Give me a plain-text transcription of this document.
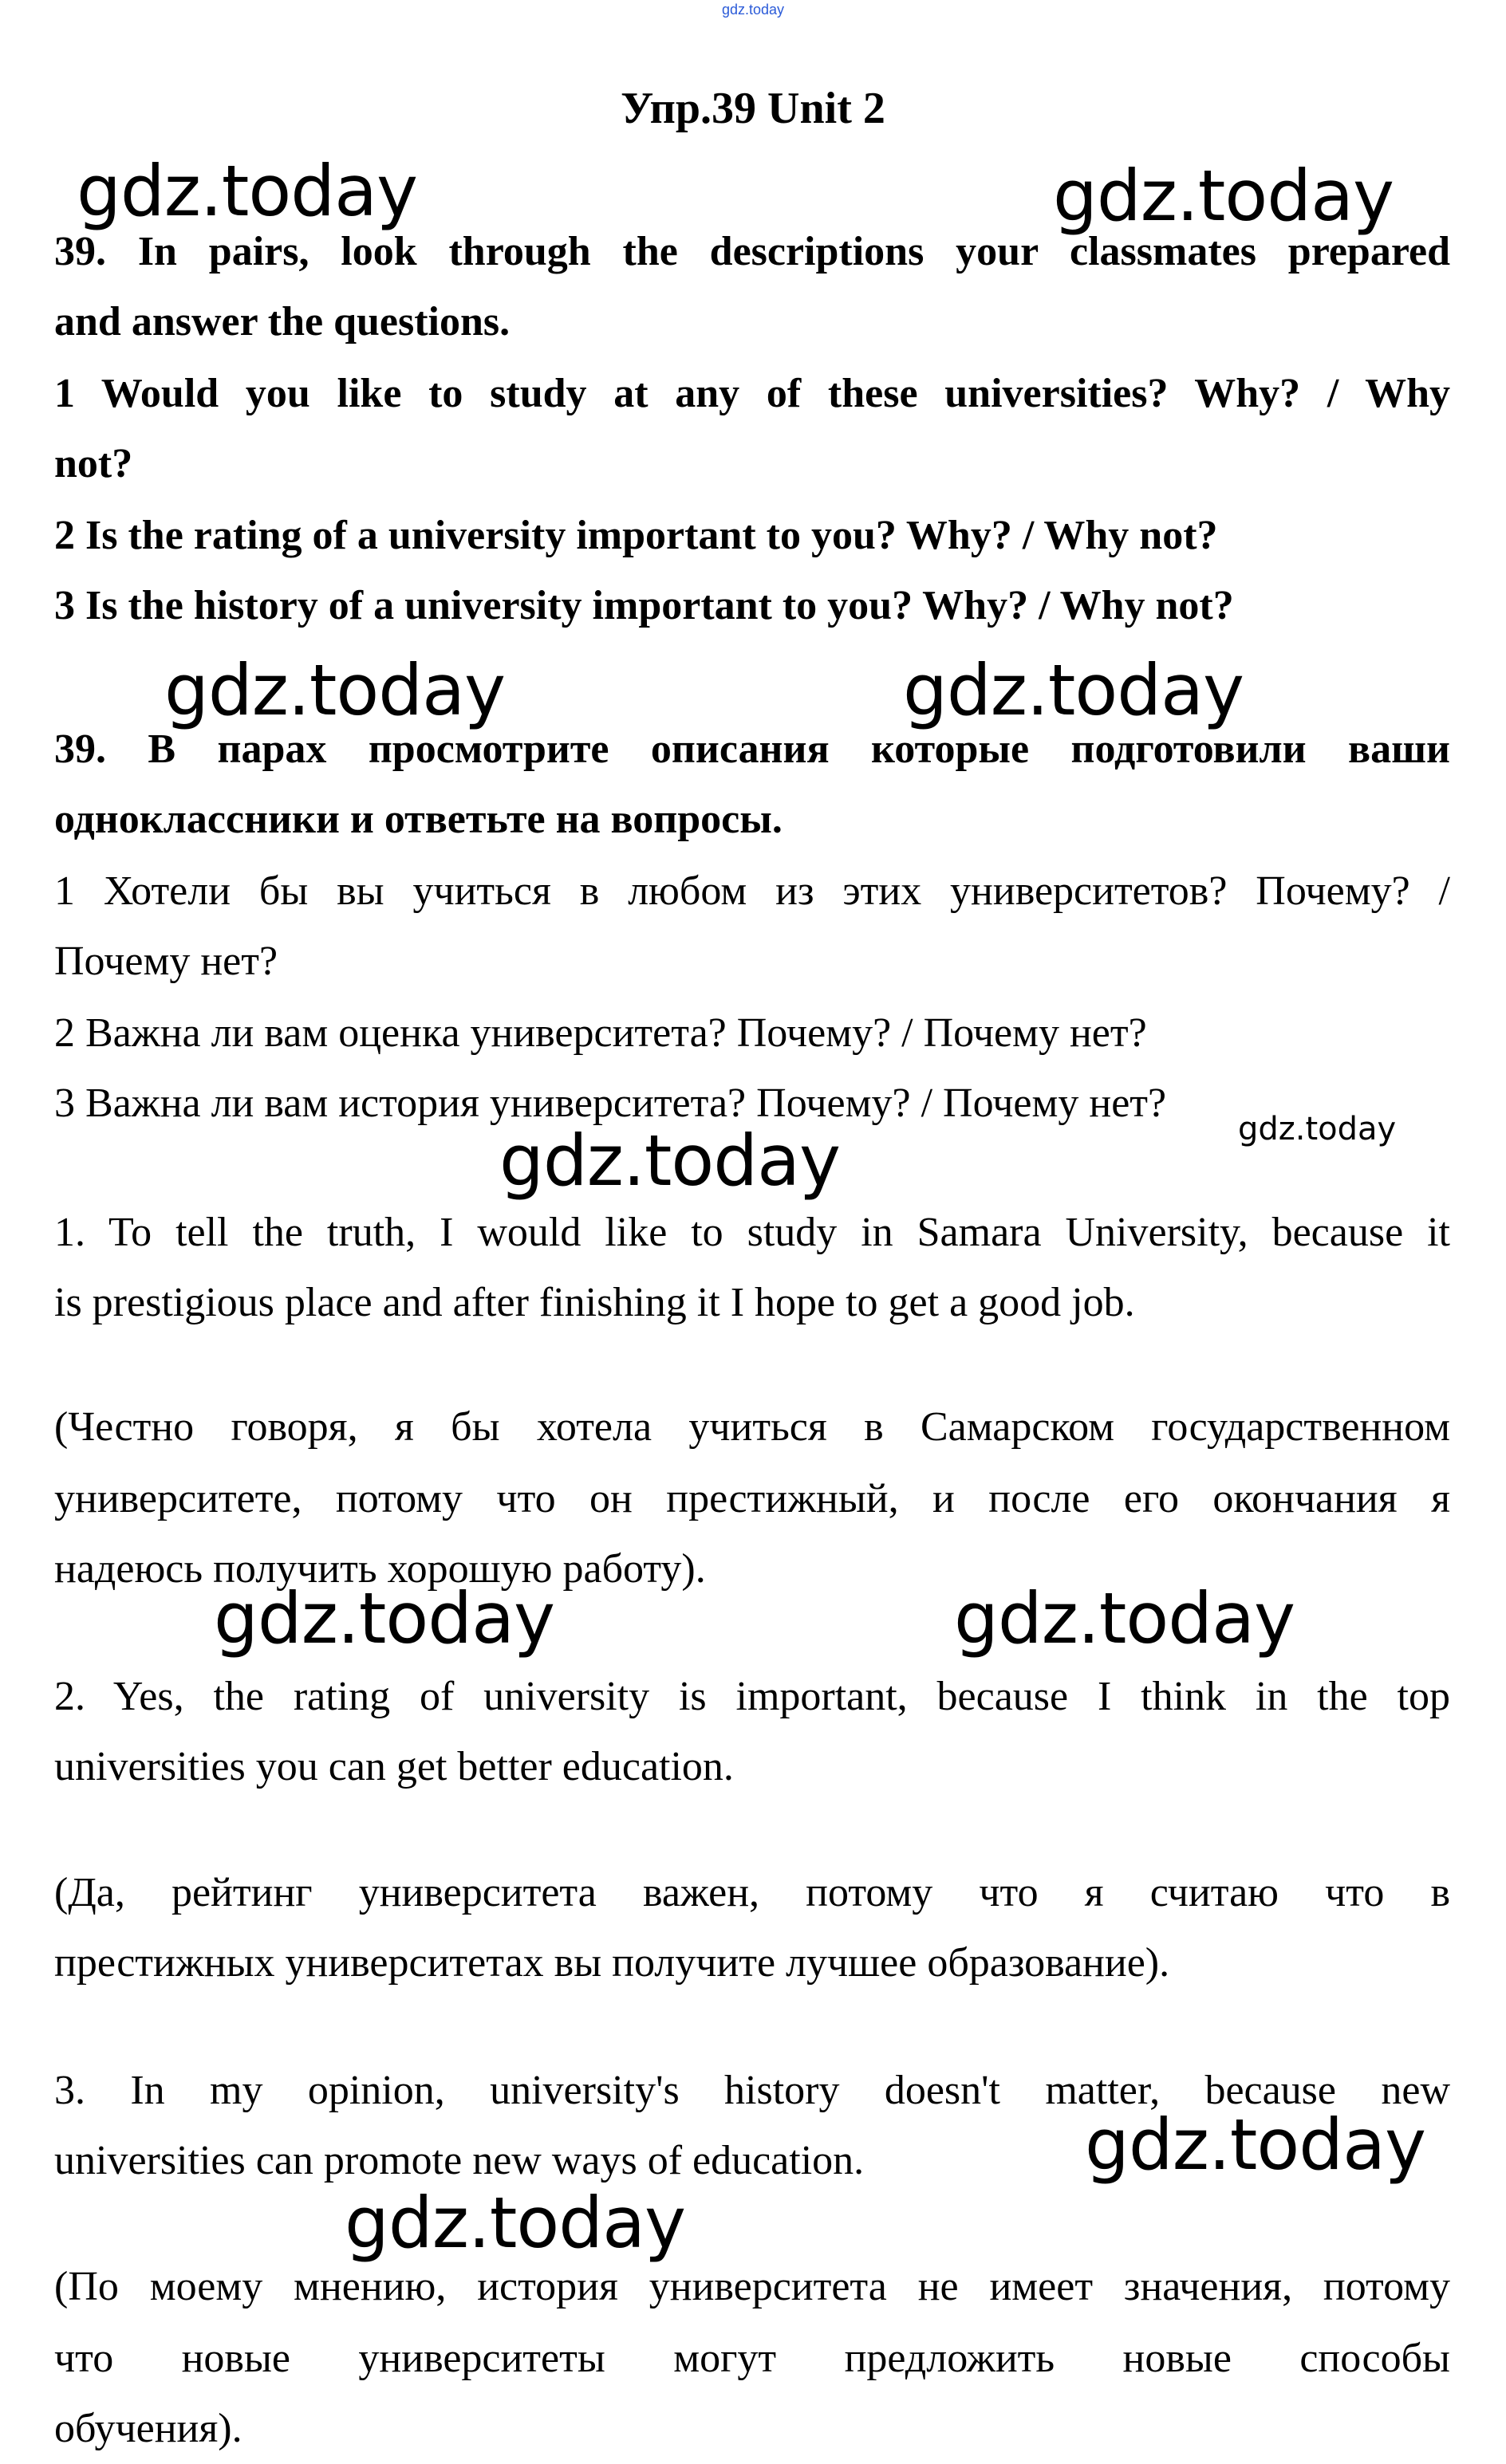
gdz.today
Упр.39 Unit 2

39. In pairs, look through the descriptions your classmates prepared

and answer the questions.

1 Would you like to study at any of these universities? Why? / Why

not?

2 Is the rating of a university important to you? Why? / Why not?

3 Is the history of a university important to you? Why? / Why not?

39. В парах просмотрите описания которые подготовили ваши

одноклассники и ответьте на вопросы.

1 Хотели бы вы учиться в любом из этих университетов? Почему? /

Почему нет?

2 Важна ли вам оценка университета? Почему? / Почему нет?

3 Важна ли вам история университета? Почему? / Почему нет?

1. To tell the truth, I would like to study in Samara University, because it

is prestigious place and after finishing it I hope to get a good job.

(Честно говоря, я бы хотела учиться в Самарском государственном

университете, потому что он престижный, и после его окончания я

надеюсь получить хорошую работу).

2. Yes, the rating of university is important, because I think in the top

universities you can get better education.

(Да, рейтинг университета важен, потому что я считаю что в

престижных университетах вы получите лучшее образование).

3. In my opinion, university's history doesn't matter, because new

universities can promote new ways of education.

(По моему мнению, история университета не имеет значения, потому

что новые университеты могут предложить новые способы

обучения).

gdz.today	gdz.today
gdz.today	gdz.today
gdz.today
gdz.today
gdz.today	gdz.today
gdz.today
gdz.today
